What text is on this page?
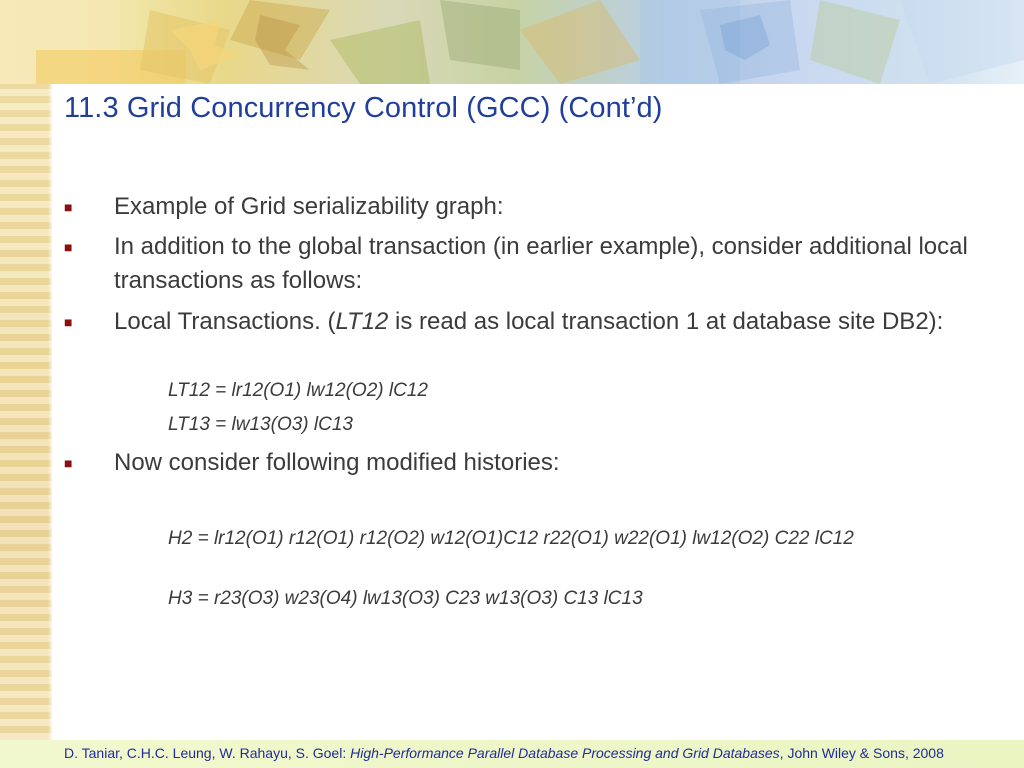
11.3 Grid Concurrency Control (GCC) (Cont’d)
■	Example of Grid serializability graph:
■	In addition to the global transaction (in earlier example), consider additional local transactions as follows:
■	Local Transactions. (LT12 is read as local transaction 1 at database site DB2):
LT12 = lr12(O1) lw12(O2) lC12
LT13 = lw13(O3) lC13
■	Now consider following modified histories:
H2 = lr12(O1) r12(O1) r12(O2) w12(O1)C12 r22(O1) w22(O1) lw12(O2) C22 lC12
H3 = r23(O3) w23(O4) lw13(O3) C23 w13(O3) C13 lC13
D. Taniar, C.H.C. Leung, W. Rahayu, S. Goel: High-Performance Parallel Database Processing and Grid Databases, John Wiley & Sons, 2008
